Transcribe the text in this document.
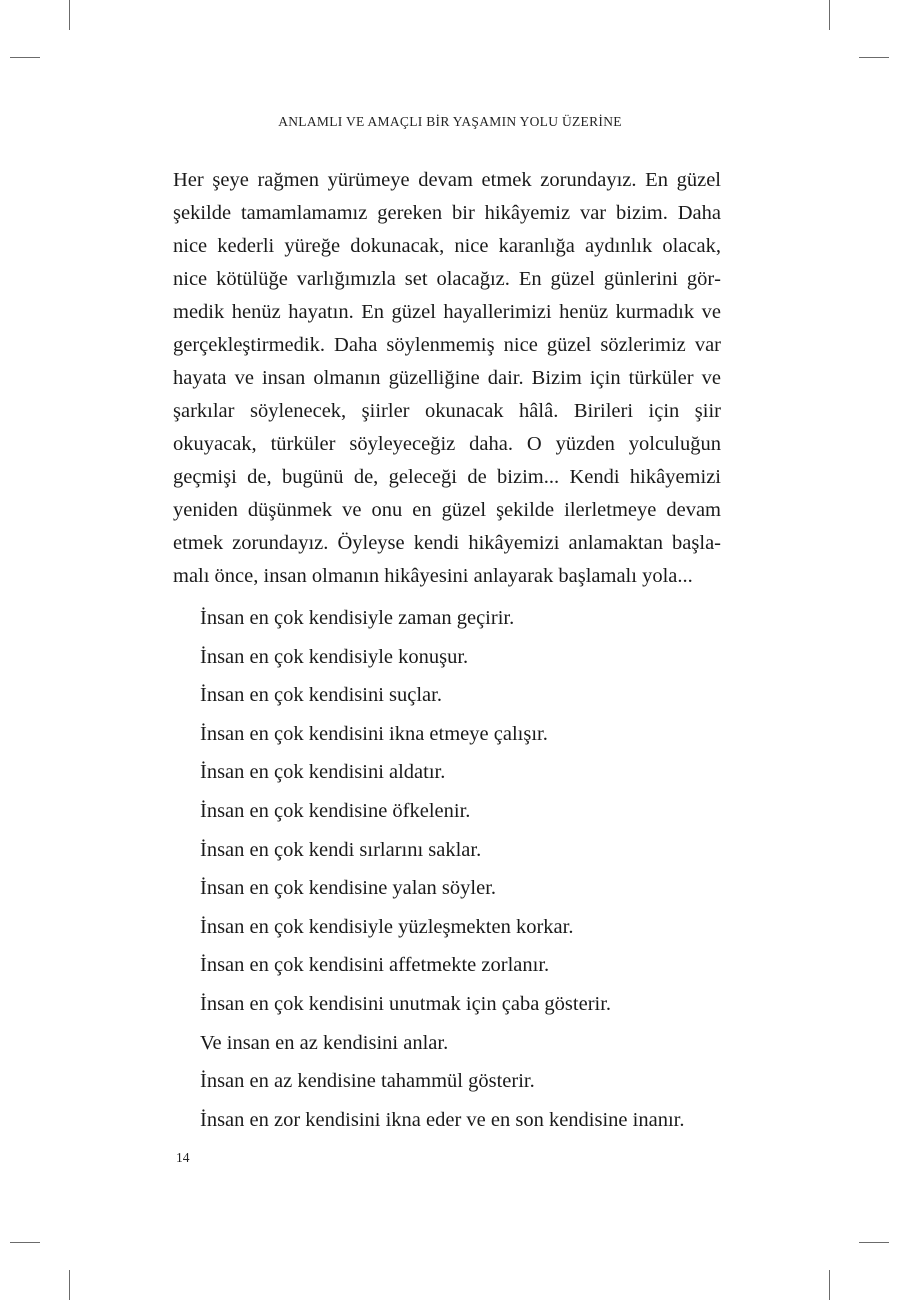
ANLAMLI VE AMAÇLI BİR YAŞAMIN YOLU ÜZERİNE

Her şeye rağmen yürümeye devam etmek zorundayız. En güzel şekilde tamamlamamız gereken bir hikâyemiz var bizim. Daha nice kederli yüreğe dokunacak, nice karanlığa aydınlık olacak, nice kötülüğe varlığımızla set olacağız. En güzel günlerini görmedik henüz hayatın. En güzel hayallerimizi henüz kurmadık ve gerçekleştirmedik. Daha söylenmemiş nice güzel sözlerimiz var hayata ve insan olmanın güzelliğine dair. Bizim için türküler ve şarkılar söylenecek, şiirler okunacak hâlâ. Birileri için şiir okuyacak, türküler söyleyeceğiz daha. O yüzden yolculuğun geçmişi de, bugünü de, geleceği de bizim... Kendi hikâyemizi yeniden düşünmek ve onu en güzel şekilde ilerletmeye devam etmek zorundayız. Öyleyse kendi hikâyemizi anlamaktan başlamalı önce, insan olmanın hikâyesini anlayarak başlamalı yola...

İnsan en çok kendisiyle zaman geçirir.
İnsan en çok kendisiyle konuşur.
İnsan en çok kendisini suçlar.
İnsan en çok kendisini ikna etmeye çalışır.
İnsan en çok kendisini aldatır.
İnsan en çok kendisine öfkelenir.
İnsan en çok kendi sırlarını saklar.
İnsan en çok kendisine yalan söyler.
İnsan en çok kendisiyle yüzleşmekten korkar.
İnsan en çok kendisini affetmekte zorlanır.
İnsan en çok kendisini unutmak için çaba gösterir.
Ve insan en az kendisini anlar.
İnsan en az kendisine tahammül gösterir.
İnsan en zor kendisini ikna eder ve en son kendisine inanır.
14
